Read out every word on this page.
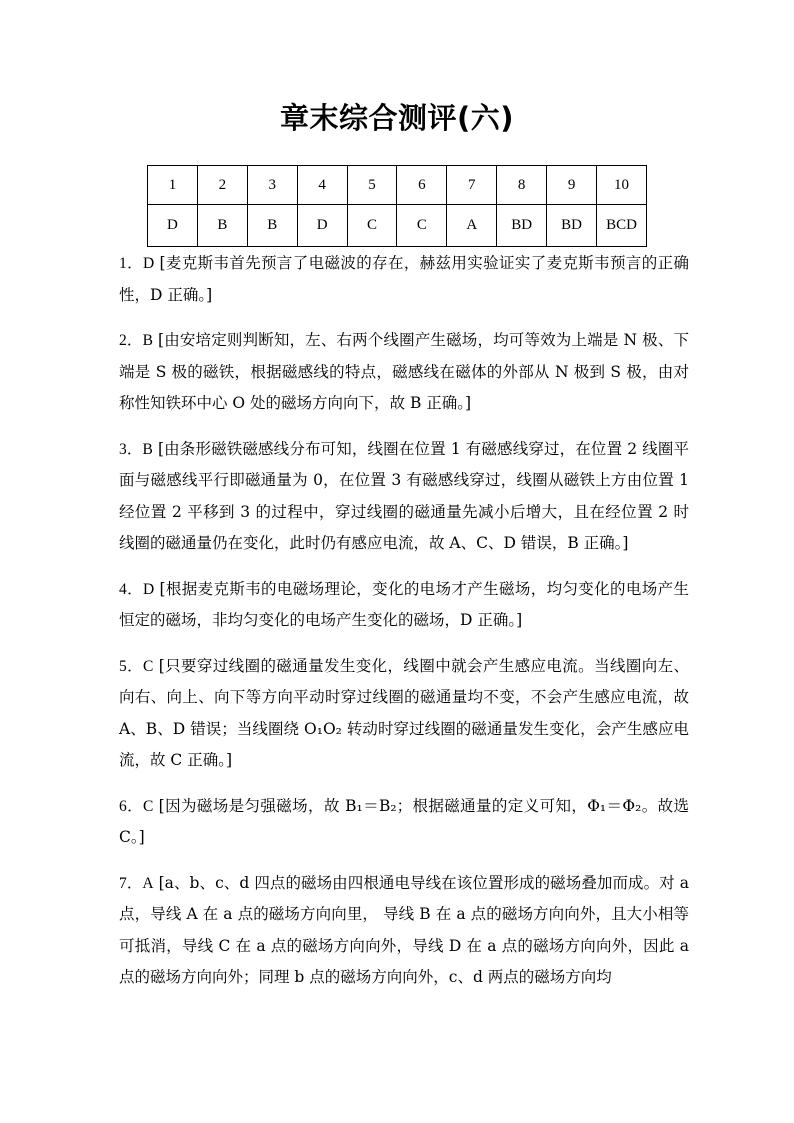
章末综合测评(六)
1	2	3	4	5	6	7	8	9	10
D	B	B	D	C	C	A	BD	BD	BCD
1．D [麦克斯韦首先预言了电磁波的存在，赫兹用实验证实了麦克斯韦预言的正确性，D 正确。]
2．B [由安培定则判断知，左、右两个线圈产生磁场，均可等效为上端是 N 极、下端是 S 极的磁铁，根据磁感线的特点，磁感线在磁体的外部从 N 极到 S 极，由对称性知铁环中心 O 处的磁场方向向下，故 B 正确。]
3．B [由条形磁铁磁感线分布可知，线圈在位置 1 有磁感线穿过，在位置 2 线圈平面与磁感线平行即磁通量为 0，在位置 3 有磁感线穿过，线圈从磁铁上方由位置 1 经位置 2 平移到 3 的过程中，穿过线圈的磁通量先减小后增大，且在经位置 2 时线圈的磁通量仍在变化，此时仍有感应电流，故 A、C、D 错误，B 正确。]
4．D [根据麦克斯韦的电磁场理论，变化的电场才产生磁场，均匀变化的电场产生恒定的磁场，非均匀变化的电场产生变化的磁场，D 正确。]
5．C [只要穿过线圈的磁通量发生变化，线圈中就会产生感应电流。当线圈向左、向右、向上、向下等方向平动时穿过线圈的磁通量均不变，不会产生感应电流，故 A、B、D 错误；当线圈绕 O₁O₂ 转动时穿过线圈的磁通量发生变化，会产生感应电流，故 C 正确。]
6．C [因为磁场是匀强磁场，故 B₁＝B₂；根据磁通量的定义可知，Φ₁＝Φ₂。故选 C。]
7．A [a、b、c、d 四点的磁场由四根通电导线在该位置形成的磁场叠加而成。对 a 点，导线 A 在 a 点的磁场方向向里， 导线 B 在 a 点的磁场方向向外，且大小相等可抵消，导线 C 在 a 点的磁场方向向外，导线 D 在 a 点的磁场方向向外，因此 a 点的磁场方向向外；同理 b 点的磁场方向向外，c、d 两点的磁场方向均
